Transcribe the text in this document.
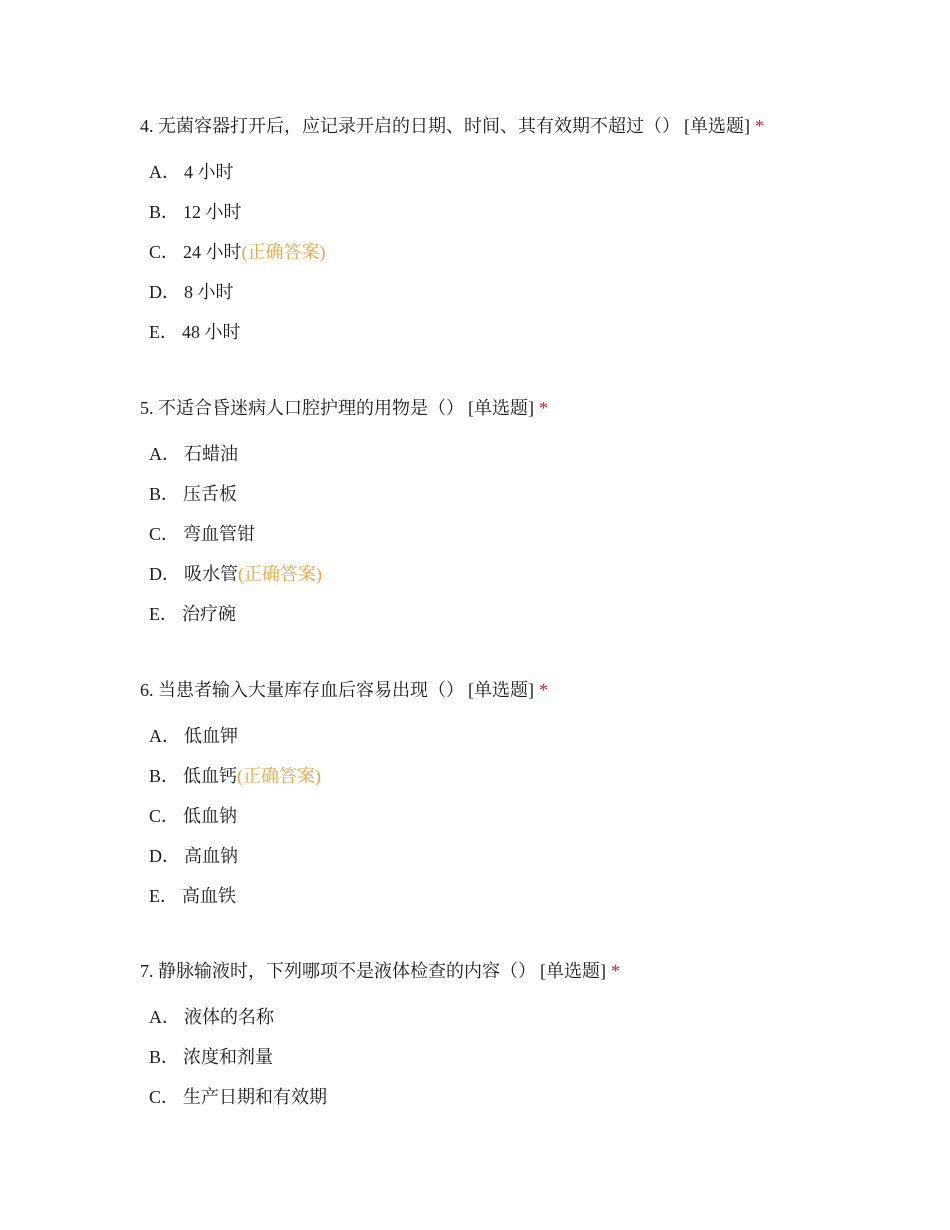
4. 无菌容器打开后，应记录开启的日期、时间、其有效期不超过（） [单选题] *
A． 4 小时
B． 12 小时
C． 24 小时(正确答案)
D． 8 小时
E． 48 小时
5. 不适合昏迷病人口腔护理的用物是（） [单选题] *
A． 石蜡油
B． 压舌板
C． 弯血管钳
D． 吸水管(正确答案)
E． 治疗碗
6. 当患者输入大量库存血后容易出现（） [单选题] *
A． 低血钾
B． 低血钙(正确答案)
C． 低血钠
D． 高血钠
E． 高血铁
7. 静脉输液时，下列哪项不是液体检查的内容（） [单选题] *
A． 液体的名称
B． 浓度和剂量
C． 生产日期和有效期
